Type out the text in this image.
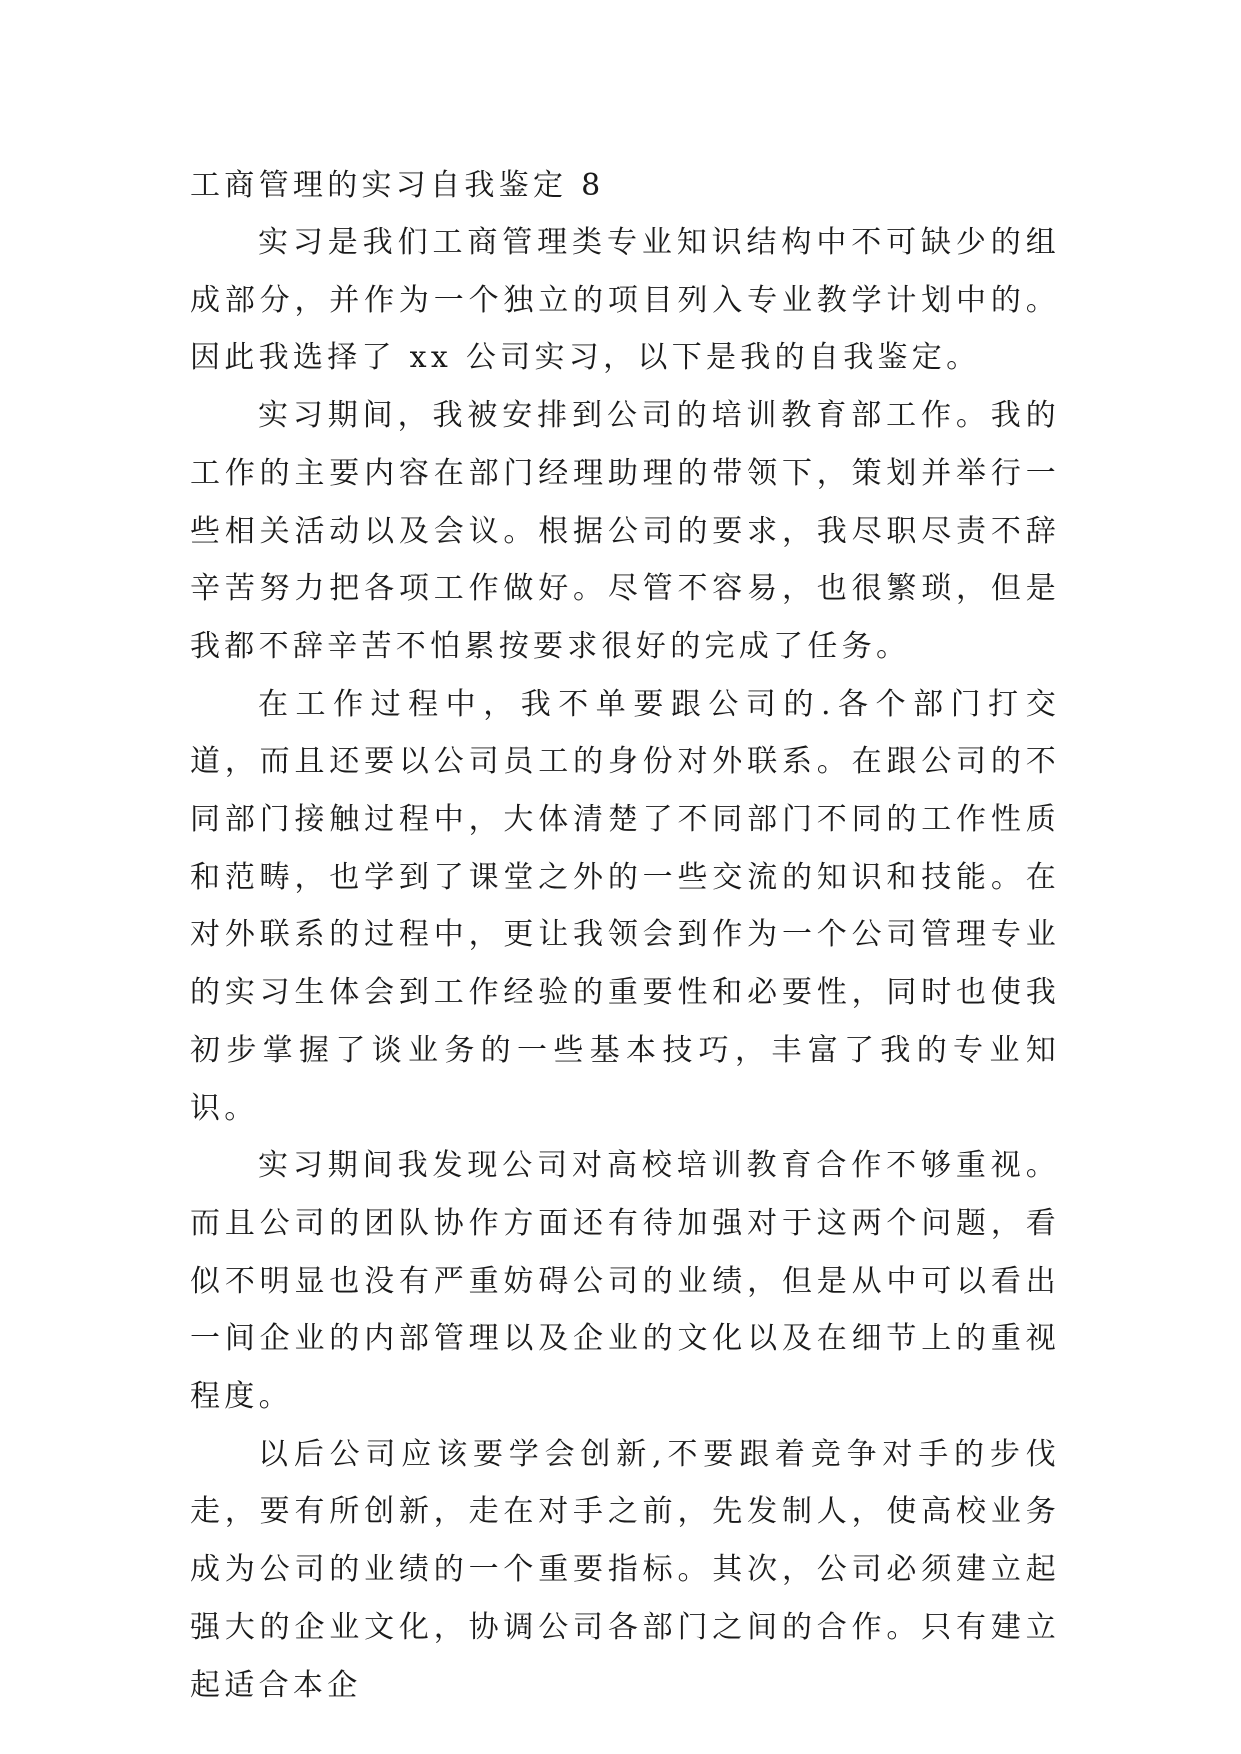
工商管理的实习自我鉴定 8

实习是我们工商管理类专业知识结构中不可缺少的组成部分，并作为一个独立的项目列入专业教学计划中的。因此我选择了 xx 公司实习，以下是我的自我鉴定。

实习期间，我被安排到公司的培训教育部工作。我的工作的主要内容在部门经理助理的带领下，策划并举行一些相关活动以及会议。根据公司的要求，我尽职尽责不辞辛苦努力把各项工作做好。尽管不容易，也很繁琐，但是我都不辞辛苦不怕累按要求很好的完成了任务。

在工作过程中，我不单要跟公司的.各个部门打交道，而且还要以公司员工的身份对外联系。在跟公司的不同部门接触过程中，大体清楚了不同部门不同的工作性质和范畴，也学到了课堂之外的一些交流的知识和技能。在对外联系的过程中，更让我领会到作为一个公司管理专业的实习生体会到工作经验的重要性和必要性，同时也使我初步掌握了谈业务的一些基本技巧，丰富了我的专业知识。

实习期间我发现公司对高校培训教育合作不够重视。而且公司的团队协作方面还有待加强对于这两个问题，看似不明显也没有严重妨碍公司的业绩，但是从中可以看出一间企业的内部管理以及企业的文化以及在细节上的重视程度。

以后公司应该要学会创新,不要跟着竞争对手的步伐走，要有所创新，走在对手之前，先发制人，使高校业务成为公司的业绩的一个重要指标。其次，公司必须建立起强大的企业文化，协调公司各部门之间的合作。只有建立起适合本企
